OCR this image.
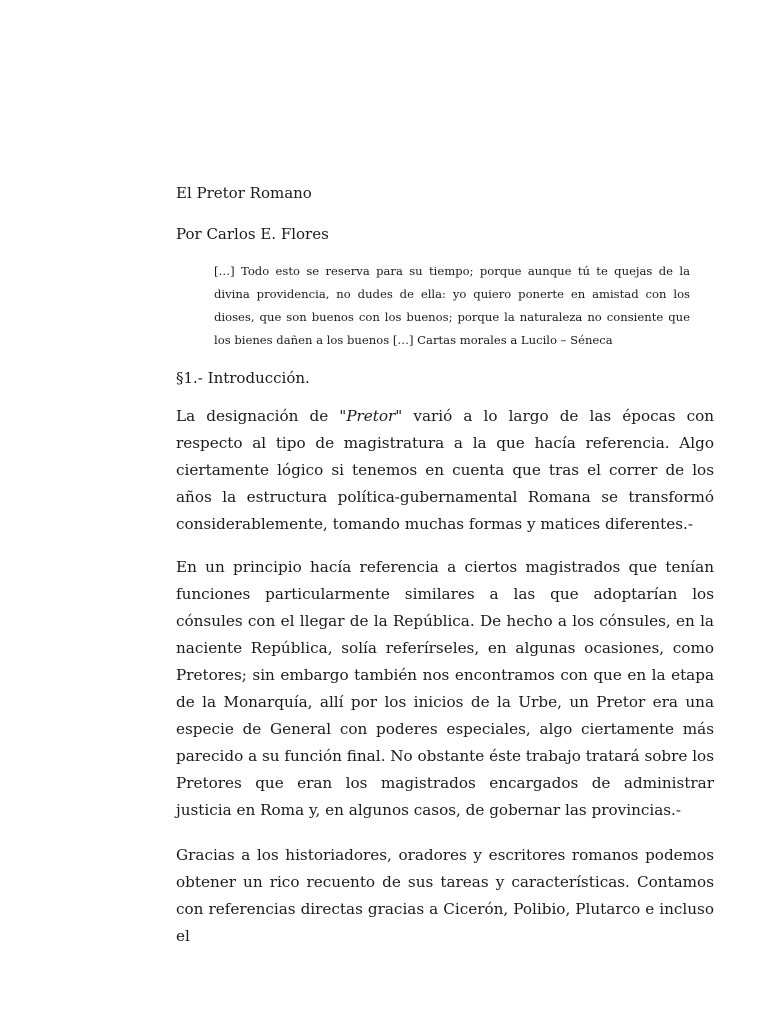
El Pretor Romano

Por Carlos E. Flores

[…] Todo esto se reserva para su tiempo; porque aunque tú te quejas de la divina providencia, no dudes de ella: yo quiero ponerte en amistad con los dioses, que son buenos con los buenos; porque la naturaleza no consiente que los bienes dañen a los buenos […] Cartas morales a Lucilo – Séneca

§1.- Introducción.

La designación de "Pretor" varió a lo largo de las épocas con respecto al tipo de magistratura a la que hacía referencia. Algo ciertamente lógico si tenemos en cuenta que tras el correr de los años la estructura política-gubernamental Romana se transformó considerablemente, tomando muchas formas y matices diferentes.-

En un principio hacía referencia a ciertos magistrados que tenían funciones particularmente similares a las que adoptarían los cónsules con el llegar de la República. De hecho a los cónsules, en la naciente República, solía referírseles, en algunas ocasiones, como Pretores; sin embargo también nos encontramos con que en la etapa de la Monarquía, allí por los inicios de la Urbe, un Pretor era una especie de General con poderes especiales, algo ciertamente más parecido a su función final. No obstante éste trabajo tratará sobre los Pretores que eran los magistrados encargados de administrar justicia en Roma y, en algunos casos, de gobernar las provincias.-

Gracias a los historiadores, oradores y escritores romanos podemos obtener un rico recuento de sus tareas y características. Contamos con referencias directas gracias a Cicerón, Polibio, Plutarco e incluso el
